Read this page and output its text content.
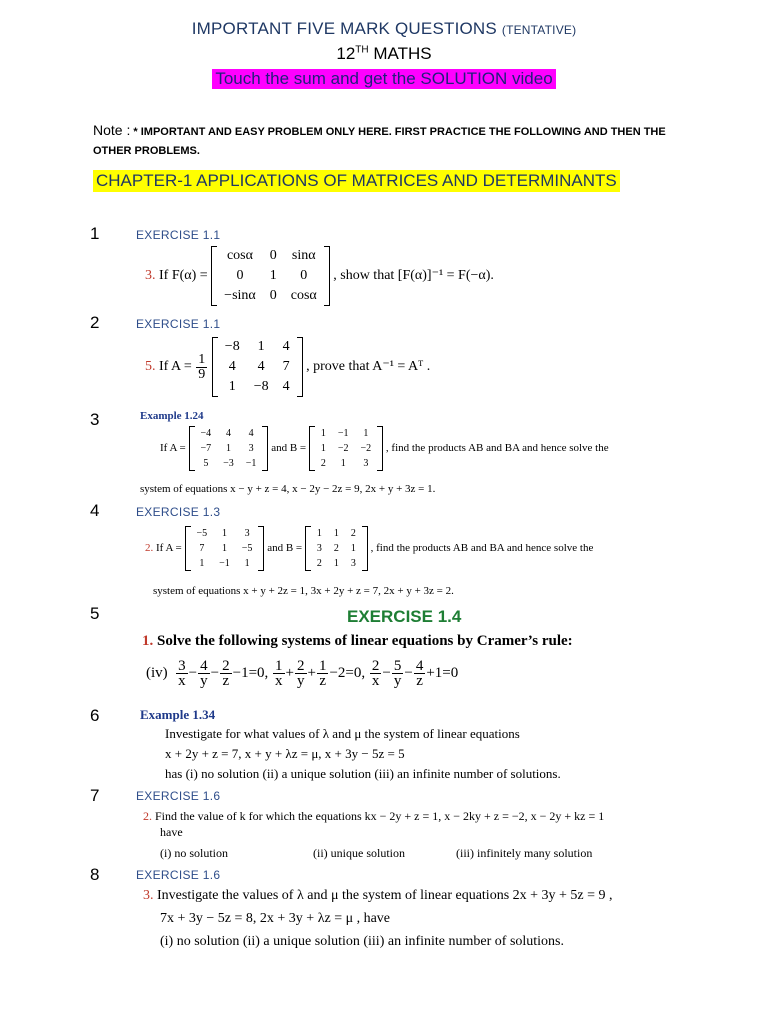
IMPORTANT FIVE MARK QUESTIONS (TENTATIVE)
12TH MATHS
Touch the sum and get the SOLUTION video
Note : * IMPORTANT AND EASY PROBLEM ONLY HERE. FIRST PRACTICE THE FOLLOWING AND THEN THE OTHER PROBLEMS.
CHAPTER-1 APPLICATIONS OF MATRICES AND DETERMINANTS
1	EXERCISE 1.1
3. If F(α) =
cosα	0	sinα
0	1	0
−sinα	0	cosα
, show that [F(α)]⁻¹ = F(−α).
2	EXERCISE 1.1
5. If $A = \frac{1}{9}$

−8	1	4
4	4	7
1	−8	4
, prove that A⁻¹ = Aᵀ .
3	Example 1.24
If A =
−4	4	4
−7	1	3
5	−3	−1
and B =
1	−1	1
1	−2	−2
2	1	3
, find the products AB and BA and hence solve the
system of equations x − y + z = 4, x − 2y − 2z = 9, 2x + y + 3z = 1.
4	EXERCISE 1.3
2. If A =
−5	1	3
7	1	−5
1	−1	1
and B =
1	1	2
3	2	1
2	1	3
, find the products AB and BA and hence solve the
system of equations x + y + 2z = 1, 3x + 2y + z = 7, 2x + y + 3z = 2.
5	EXERCISE 1.4
1. Solve the following systems of linear equations by Cramer’s rule:
$(iv) \frac{3}{x} - \frac{4}{y} - \frac{2}{z} -1=0$, $\frac{1}{x} + \frac{2}{y} + \frac{1}{z} -2=0$, $\frac{2}{x} - \frac{5}{y} - \frac{4}{z} +1=0$
6	Example 1.34
Investigate for what values of λ and μ the system of linear equations
x + 2y + z = 7, x + y + λz = μ, x + 3y − 5z = 5
has (i) no solution (ii) a unique solution (iii) an infinite number of solutions.
7	EXERCISE 1.6
2. Find the value of k for which the equations kx − 2y + z = 1, x − 2ky + z = −2, x − 2y + kz = 1
have
(i) no solution	(ii) unique solution	(iii) infinitely many solution
8	EXERCISE 1.6
3. Investigate the values of λ and μ the system of linear equations 2x + 3y + 5z = 9 ,
7x + 3y − 5z = 8, 2x + 3y + λz = μ , have
(i) no solution (ii) a unique solution (iii) an infinite number of solutions.
